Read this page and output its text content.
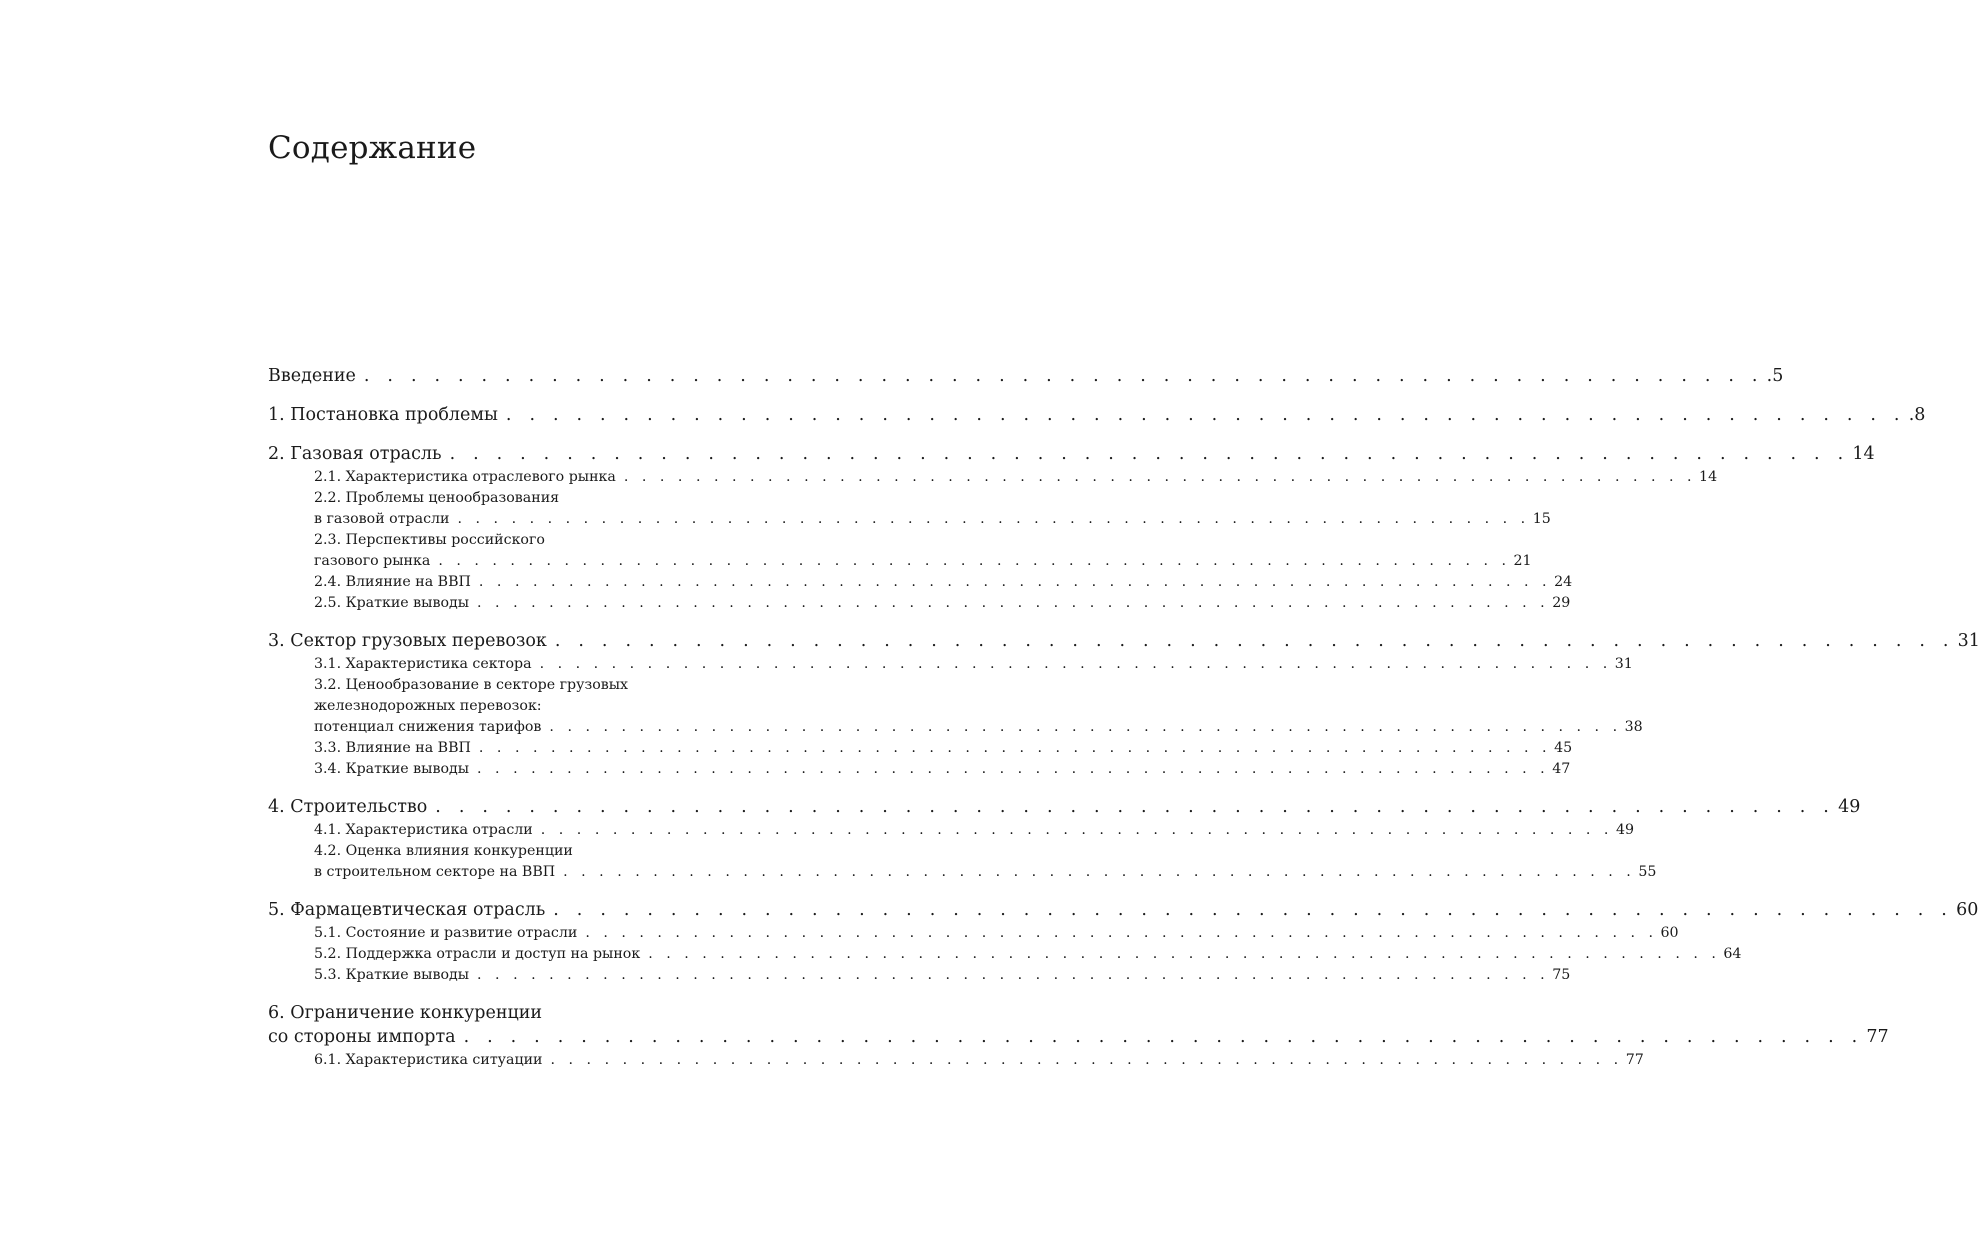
Содержание
Введение . . . . . . . . . . . . . . . . . . . . . . . . . . . . . . . . . . . . . . . . . . . . . . . . . . . . . . . . . . . . .5
1. Постановка проблемы . . . . . . . . . . . . . . . . . . . . . . . . . . . . . . . . . . . . . . . . . . . . . . . . . . . . . . . . . . . . .8
2. Газовая отрасль . . . . . . . . . . . . . . . . . . . . . . . . . . . . . . . . . . . . . . . . . . . . . . . . . . . . . . . . . . . . 14
2.1. Характеристика отраслевого рынка . . . . . . . . . . . . . . . . . . . . . . . . . . . . . . . . . . . . . . . . . . . . . . . . . . . . . . . . . . . . 14
2.2. Проблемы ценообразования
в газовой отрасли . . . . . . . . . . . . . . . . . . . . . . . . . . . . . . . . . . . . . . . . . . . . . . . . . . . . . . . . . . . . 15
2.3. Перспективы российского
газового рынка . . . . . . . . . . . . . . . . . . . . . . . . . . . . . . . . . . . . . . . . . . . . . . . . . . . . . . . . . . . . 21
2.4. Влияние на ВВП . . . . . . . . . . . . . . . . . . . . . . . . . . . . . . . . . . . . . . . . . . . . . . . . . . . . . . . . . . . . 24
2.5. Краткие выводы . . . . . . . . . . . . . . . . . . . . . . . . . . . . . . . . . . . . . . . . . . . . . . . . . . . . . . . . . . . . 29
3. Сектор грузовых перевозок . . . . . . . . . . . . . . . . . . . . . . . . . . . . . . . . . . . . . . . . . . . . . . . . . . . . . . . . . . . . 31
3.1. Характеристика сектора . . . . . . . . . . . . . . . . . . . . . . . . . . . . . . . . . . . . . . . . . . . . . . . . . . . . . . . . . . . . 31
3.2. Ценообразование в секторе грузовых
железнодорожных перевозок:
потенциал снижения тарифов . . . . . . . . . . . . . . . . . . . . . . . . . . . . . . . . . . . . . . . . . . . . . . . . . . . . . . . . . . . . 38
3.3. Влияние на ВВП . . . . . . . . . . . . . . . . . . . . . . . . . . . . . . . . . . . . . . . . . . . . . . . . . . . . . . . . . . . . 45
3.4. Краткие выводы . . . . . . . . . . . . . . . . . . . . . . . . . . . . . . . . . . . . . . . . . . . . . . . . . . . . . . . . . . . . 47
4. Строительство . . . . . . . . . . . . . . . . . . . . . . . . . . . . . . . . . . . . . . . . . . . . . . . . . . . . . . . . . . . . 49
4.1. Характеристика отрасли . . . . . . . . . . . . . . . . . . . . . . . . . . . . . . . . . . . . . . . . . . . . . . . . . . . . . . . . . . . . 49
4.2. Оценка влияния конкуренции
в строительном секторе на ВВП . . . . . . . . . . . . . . . . . . . . . . . . . . . . . . . . . . . . . . . . . . . . . . . . . . . . . . . . . . . . 55
5. Фармацевтическая отрасль . . . . . . . . . . . . . . . . . . . . . . . . . . . . . . . . . . . . . . . . . . . . . . . . . . . . . . . . . . . . 60
5.1. Состояние и развитие отрасли . . . . . . . . . . . . . . . . . . . . . . . . . . . . . . . . . . . . . . . . . . . . . . . . . . . . . . . . . . . . 60
5.2. Поддержка отрасли и доступ на рынок . . . . . . . . . . . . . . . . . . . . . . . . . . . . . . . . . . . . . . . . . . . . . . . . . . . . . . . . . . . . 64
5.3. Краткие выводы . . . . . . . . . . . . . . . . . . . . . . . . . . . . . . . . . . . . . . . . . . . . . . . . . . . . . . . . . . . . 75
6. Ограничение конкуренции
со стороны импорта . . . . . . . . . . . . . . . . . . . . . . . . . . . . . . . . . . . . . . . . . . . . . . . . . . . . . . . . . . . . 77
6.1. Характеристика ситуации . . . . . . . . . . . . . . . . . . . . . . . . . . . . . . . . . . . . . . . . . . . . . . . . . . . . . . . . . . . . 77
